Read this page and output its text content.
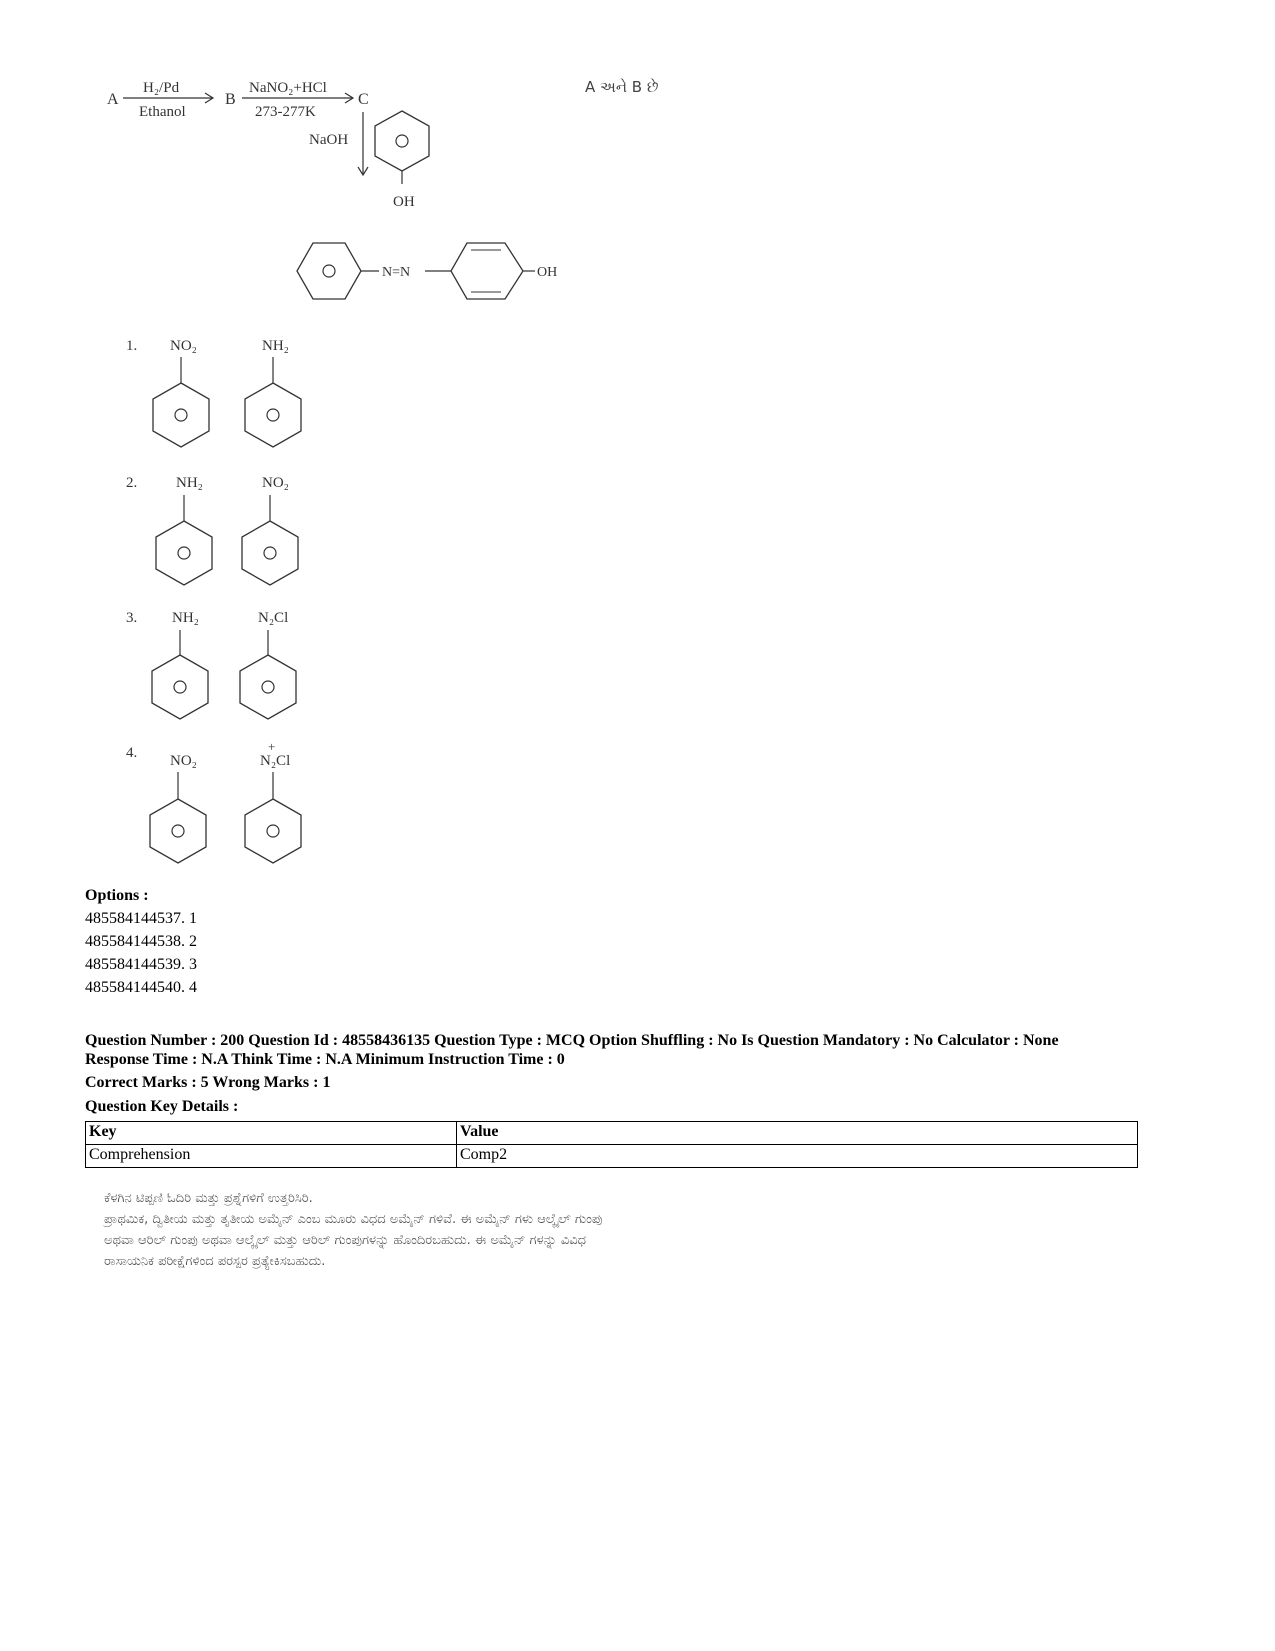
A
H₂/Pd
Ethanol
B
NaNO₂+HCl
273-277K
C
NaOH
OH
N=N	OH
A અને B છે
1. NO₂	NH₂
2.	NH₂	NO₂
3. NH₂	N₂Cl
4. NO₂
+
N₂Cl
Options :
485584144537. 1
485584144538. 2
485584144539. 3
485584144540. 4
Question Number : 200 Question Id : 48558436135 Question Type : MCQ Option Shuffling : No Is Question Mandatory : No Calculator : None
Response Time : N.A Think Time : N.A Minimum Instruction Time : 0
Correct Marks : 5 Wrong Marks : 1
Question Key Details :
Key	Value
Comprehension	Comp2
ಕೆಳಗಿನ ಟಿಪ್ಪಣಿ ಓದಿರಿ ಮತ್ತು ಪ್ರಶ್ನೆಗಳಿಗೆ ಉತ್ತರಿಸಿರಿ.
ಪ್ರಾಥಮಿಕ, ದ್ವಿತೀಯ ಮತ್ತು ತೃತೀಯ ಅಮೈನ್ ಎಂಬ ಮೂರು ವಿಧದ ಅಮೈನ್ ಗಳಿವೆ. ಈ ಅಮೈನ್ ಗಳು ಆಲ್ಕೈಲ್ ಗುಂಪು
ಅಥವಾ ಆರಿಲ್ ಗುಂಪು ಅಥವಾ ಆಲ್ಕೈಲ್ ಮತ್ತು ಆರಿಲ್ ಗುಂಪುಗಳನ್ನು ಹೊಂದಿರಬಹುದು. ಈ ಅಮೈನ್ ಗಳನ್ನು ವಿವಿಧ
ರಾಸಾಯನಿಕ ಪರೀಕ್ಷೆಗಳಿಂದ ಪರಸ್ಪರ ಪ್ರತ್ಯೇಕಿಸಬಹುದು.
